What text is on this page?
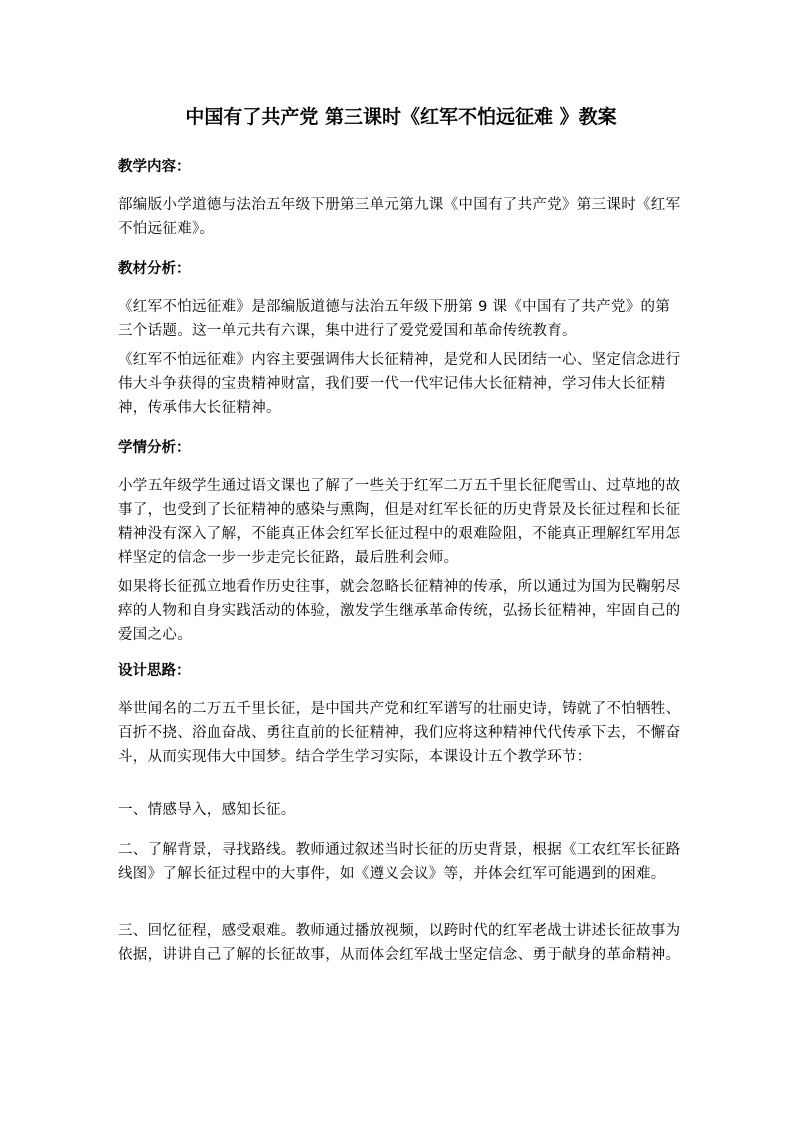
中国有了共产党 第三课时《红军不怕远征难 》教案
教学内容：
部编版小学道德与法治五年级下册第三单元第九课《中国有了共产党》第三课时《红军不怕远征难》。
教材分析：
《红军不怕远征难》是部编版道德与法治五年级下册第 9 课《中国有了共产党》的第三个话题。这一单元共有六课，集中进行了爱党爱国和革命传统教育。
《红军不怕远征难》内容主要强调伟大长征精神，是党和人民团结一心、坚定信念进行伟大斗争获得的宝贵精神财富，我们要一代一代牢记伟大长征精神，学习伟大长征精神，传承伟大长征精神。
学情分析：
小学五年级学生通过语文课也了解了一些关于红军二万五千里长征爬雪山、过草地的故事了，也受到了长征精神的感染与熏陶，但是对红军长征的历史背景及长征过程和长征精神没有深入了解，不能真正体会红军长征过程中的艰难险阻，不能真正理解红军用怎样坚定的信念一步一步走完长征路，最后胜利会师。
如果将长征孤立地看作历史往事，就会忽略长征精神的传承，所以通过为国为民鞠躬尽瘁的人物和自身实践活动的体验，激发学生继承革命传统，弘扬长征精神，牢固自己的爱国之心。
设计思路：
举世闻名的二万五千里长征，是中国共产党和红军谱写的壮丽史诗，铸就了不怕牺牲、百折不挠、浴血奋战、勇往直前的长征精神，我们应将这种精神代代传承下去，不懈奋斗，从而实现伟大中国梦。结合学生学习实际，本课设计五个教学环节：
一、情感导入，感知长征。
二、了解背景，寻找路线。教师通过叙述当时长征的历史背景，根据《工农红军长征路线图》了解长征过程中的大事件，如《遵义会议》等，并体会红军可能遇到的困难。
三、回忆征程，感受艰难。教师通过播放视频，以跨时代的红军老战士讲述长征故事为依据，讲讲自己了解的长征故事，从而体会红军战士坚定信念、勇于献身的革命精神。
